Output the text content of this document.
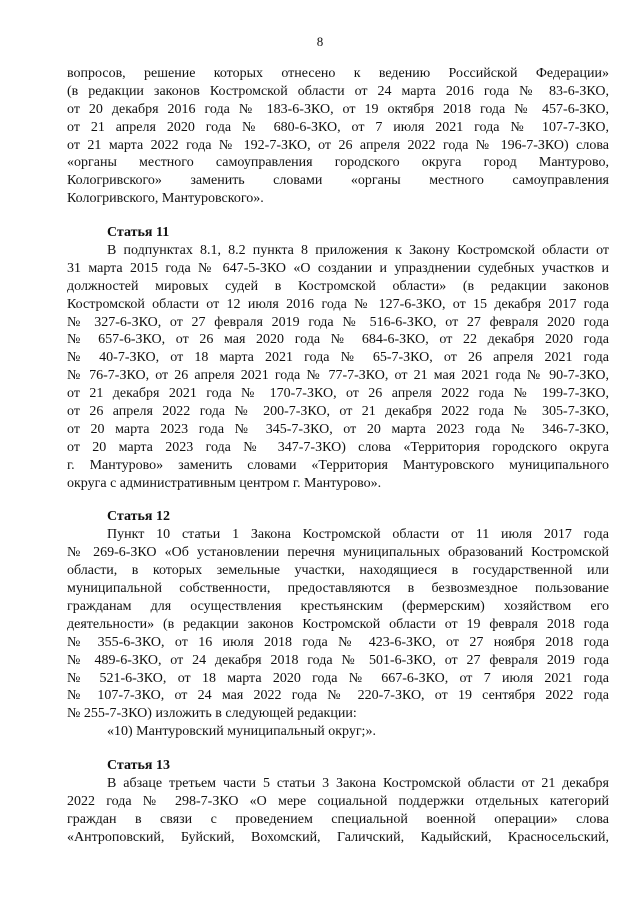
8
вопросов, решение которых отнесено к ведению Российской Федерации»
(в редакции законов Костромской области от 24 марта 2016 года № 83-6-ЗКО,
от 20 декабря 2016 года № 183-6-ЗКО, от 19 октября 2018 года № 457-6-ЗКО,
от 21 апреля 2020 года № 680-6-ЗКО, от 7 июля 2021 года № 107-7-ЗКО,
от 21 марта 2022 года № 192-7-ЗКО, от 26 апреля 2022 года № 196-7-ЗКО) слова
«органы местного самоуправления городского округа город Мантурово,
Кологривского» заменить словами «органы местного самоуправления
Кологривского, Мантуровского».
Статья 11
В подпунктах 8.1, 8.2 пункта 8 приложения к Закону Костромской области от
31 марта 2015 года № 647-5-ЗКО «О создании и упразднении судебных участков и
должностей мировых судей в Костромской области» (в редакции законов
Костромской области от 12 июля 2016 года № 127-6-ЗКО, от 15 декабря 2017 года
№ 327-6-ЗКО, от 27 февраля 2019 года № 516-6-ЗКО, от 27 февраля 2020 года
№ 657-6-ЗКО, от 26 мая 2020 года № 684-6-ЗКО, от 22 декабря 2020 года
№ 40-7-ЗКО, от 18 марта 2021 года № 65-7-ЗКО, от 26 апреля 2021 года
№ 76-7-ЗКО, от 26 апреля 2021 года № 77-7-ЗКО, от 21 мая 2021 года № 90-7-ЗКО,
от 21 декабря 2021 года № 170-7-ЗКО, от 26 апреля 2022 года № 199-7-ЗКО,
от 26 апреля 2022 года № 200-7-ЗКО, от 21 декабря 2022 года № 305-7-ЗКО,
от 20 марта 2023 года № 345-7-ЗКО, от 20 марта 2023 года № 346-7-ЗКО,
от 20 марта 2023 года № 347-7-ЗКО) слова «Территория городского округа
г. Мантурово» заменить словами «Территория Мантуровского муниципального
округа с административным центром г. Мантурово».
Статья 12
Пункт 10 статьи 1 Закона Костромской области от 11 июля 2017 года
№ 269-6-ЗКО «Об установлении перечня муниципальных образований Костромской
области, в которых земельные участки, находящиеся в государственной или
муниципальной собственности, предоставляются в безвозмездное пользование
гражданам для осуществления крестьянским (фермерским) хозяйством его
деятельности» (в редакции законов Костромской области от 19 февраля 2018 года
№ 355-6-ЗКО, от 16 июля 2018 года № 423-6-ЗКО, от 27 ноября 2018 года
№ 489-6-ЗКО, от 24 декабря 2018 года № 501-6-ЗКО, от 27 февраля 2019 года
№ 521-6-ЗКО, от 18 марта 2020 года № 667-6-ЗКО, от 7 июля 2021 года
№ 107-7-ЗКО, от 24 мая 2022 года № 220-7-ЗКО, от 19 сентября 2022 года
№ 255-7-ЗКО) изложить в следующей редакции:
«10) Мантуровский муниципальный округ;».
Статья 13
В абзаце третьем части 5 статьи 3 Закона Костромской области от 21 декабря
2022 года № 298-7-ЗКО «О мере социальной поддержки отдельных категорий
граждан в связи с проведением специальной военной операции» слова
«Антроповский, Буйский, Вохомский, Галичский, Кадыйский, Красносельский,
